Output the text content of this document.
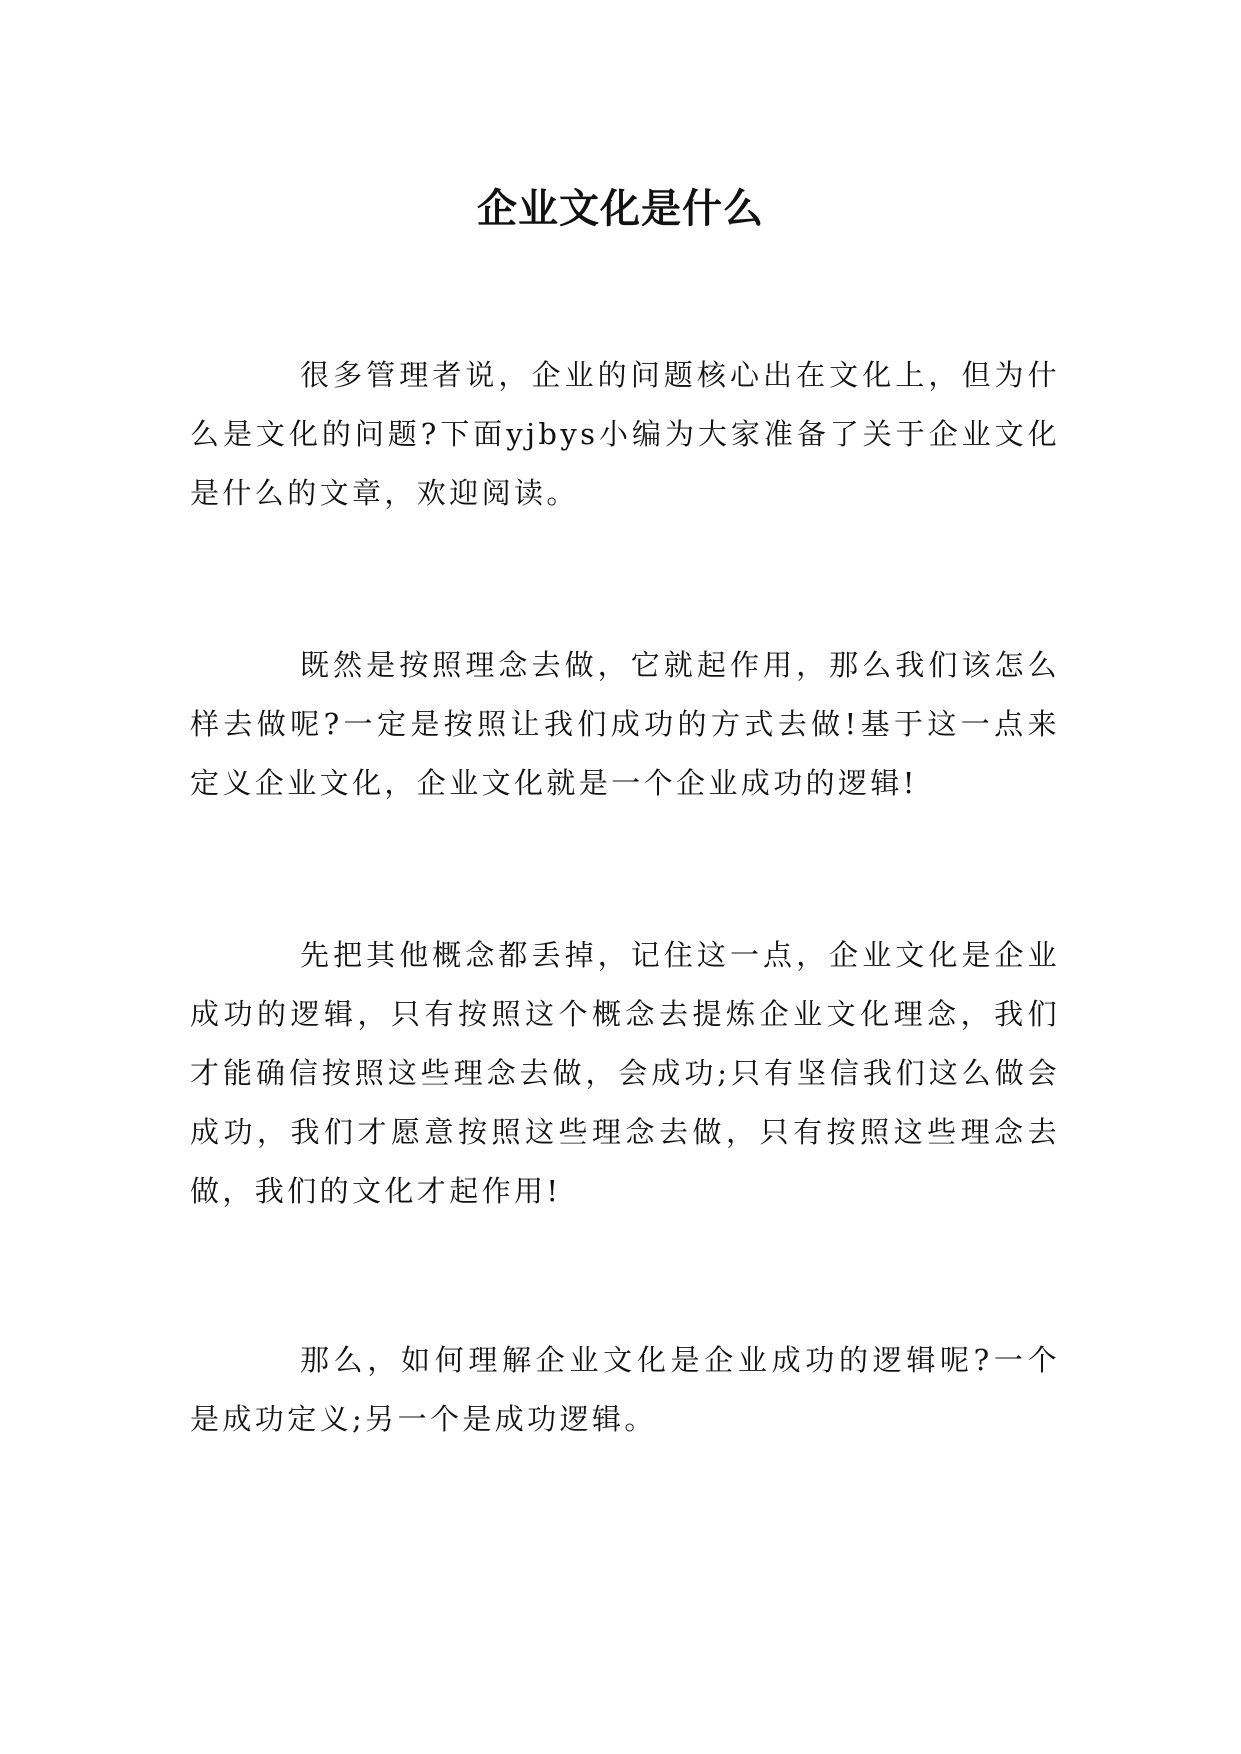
企业文化是什么

很多管理者说，企业的问题核心出在文化上，但为什么是文化的问题?下面yjbys小编为大家准备了关于企业文化是什么的文章，欢迎阅读。

既然是按照理念去做，它就起作用，那么我们该怎么样去做呢?一定是按照让我们成功的方式去做!基于这一点来定义企业文化，企业文化就是一个企业成功的逻辑!

先把其他概念都丢掉，记住这一点，企业文化是企业成功的逻辑，只有按照这个概念去提炼企业文化理念，我们才能确信按照这些理念去做，会成功;只有坚信我们这么做会成功，我们才愿意按照这些理念去做，只有按照这些理念去做，我们的文化才起作用!

那么，如何理解企业文化是企业成功的逻辑呢?一个是成功定义;另一个是成功逻辑。
